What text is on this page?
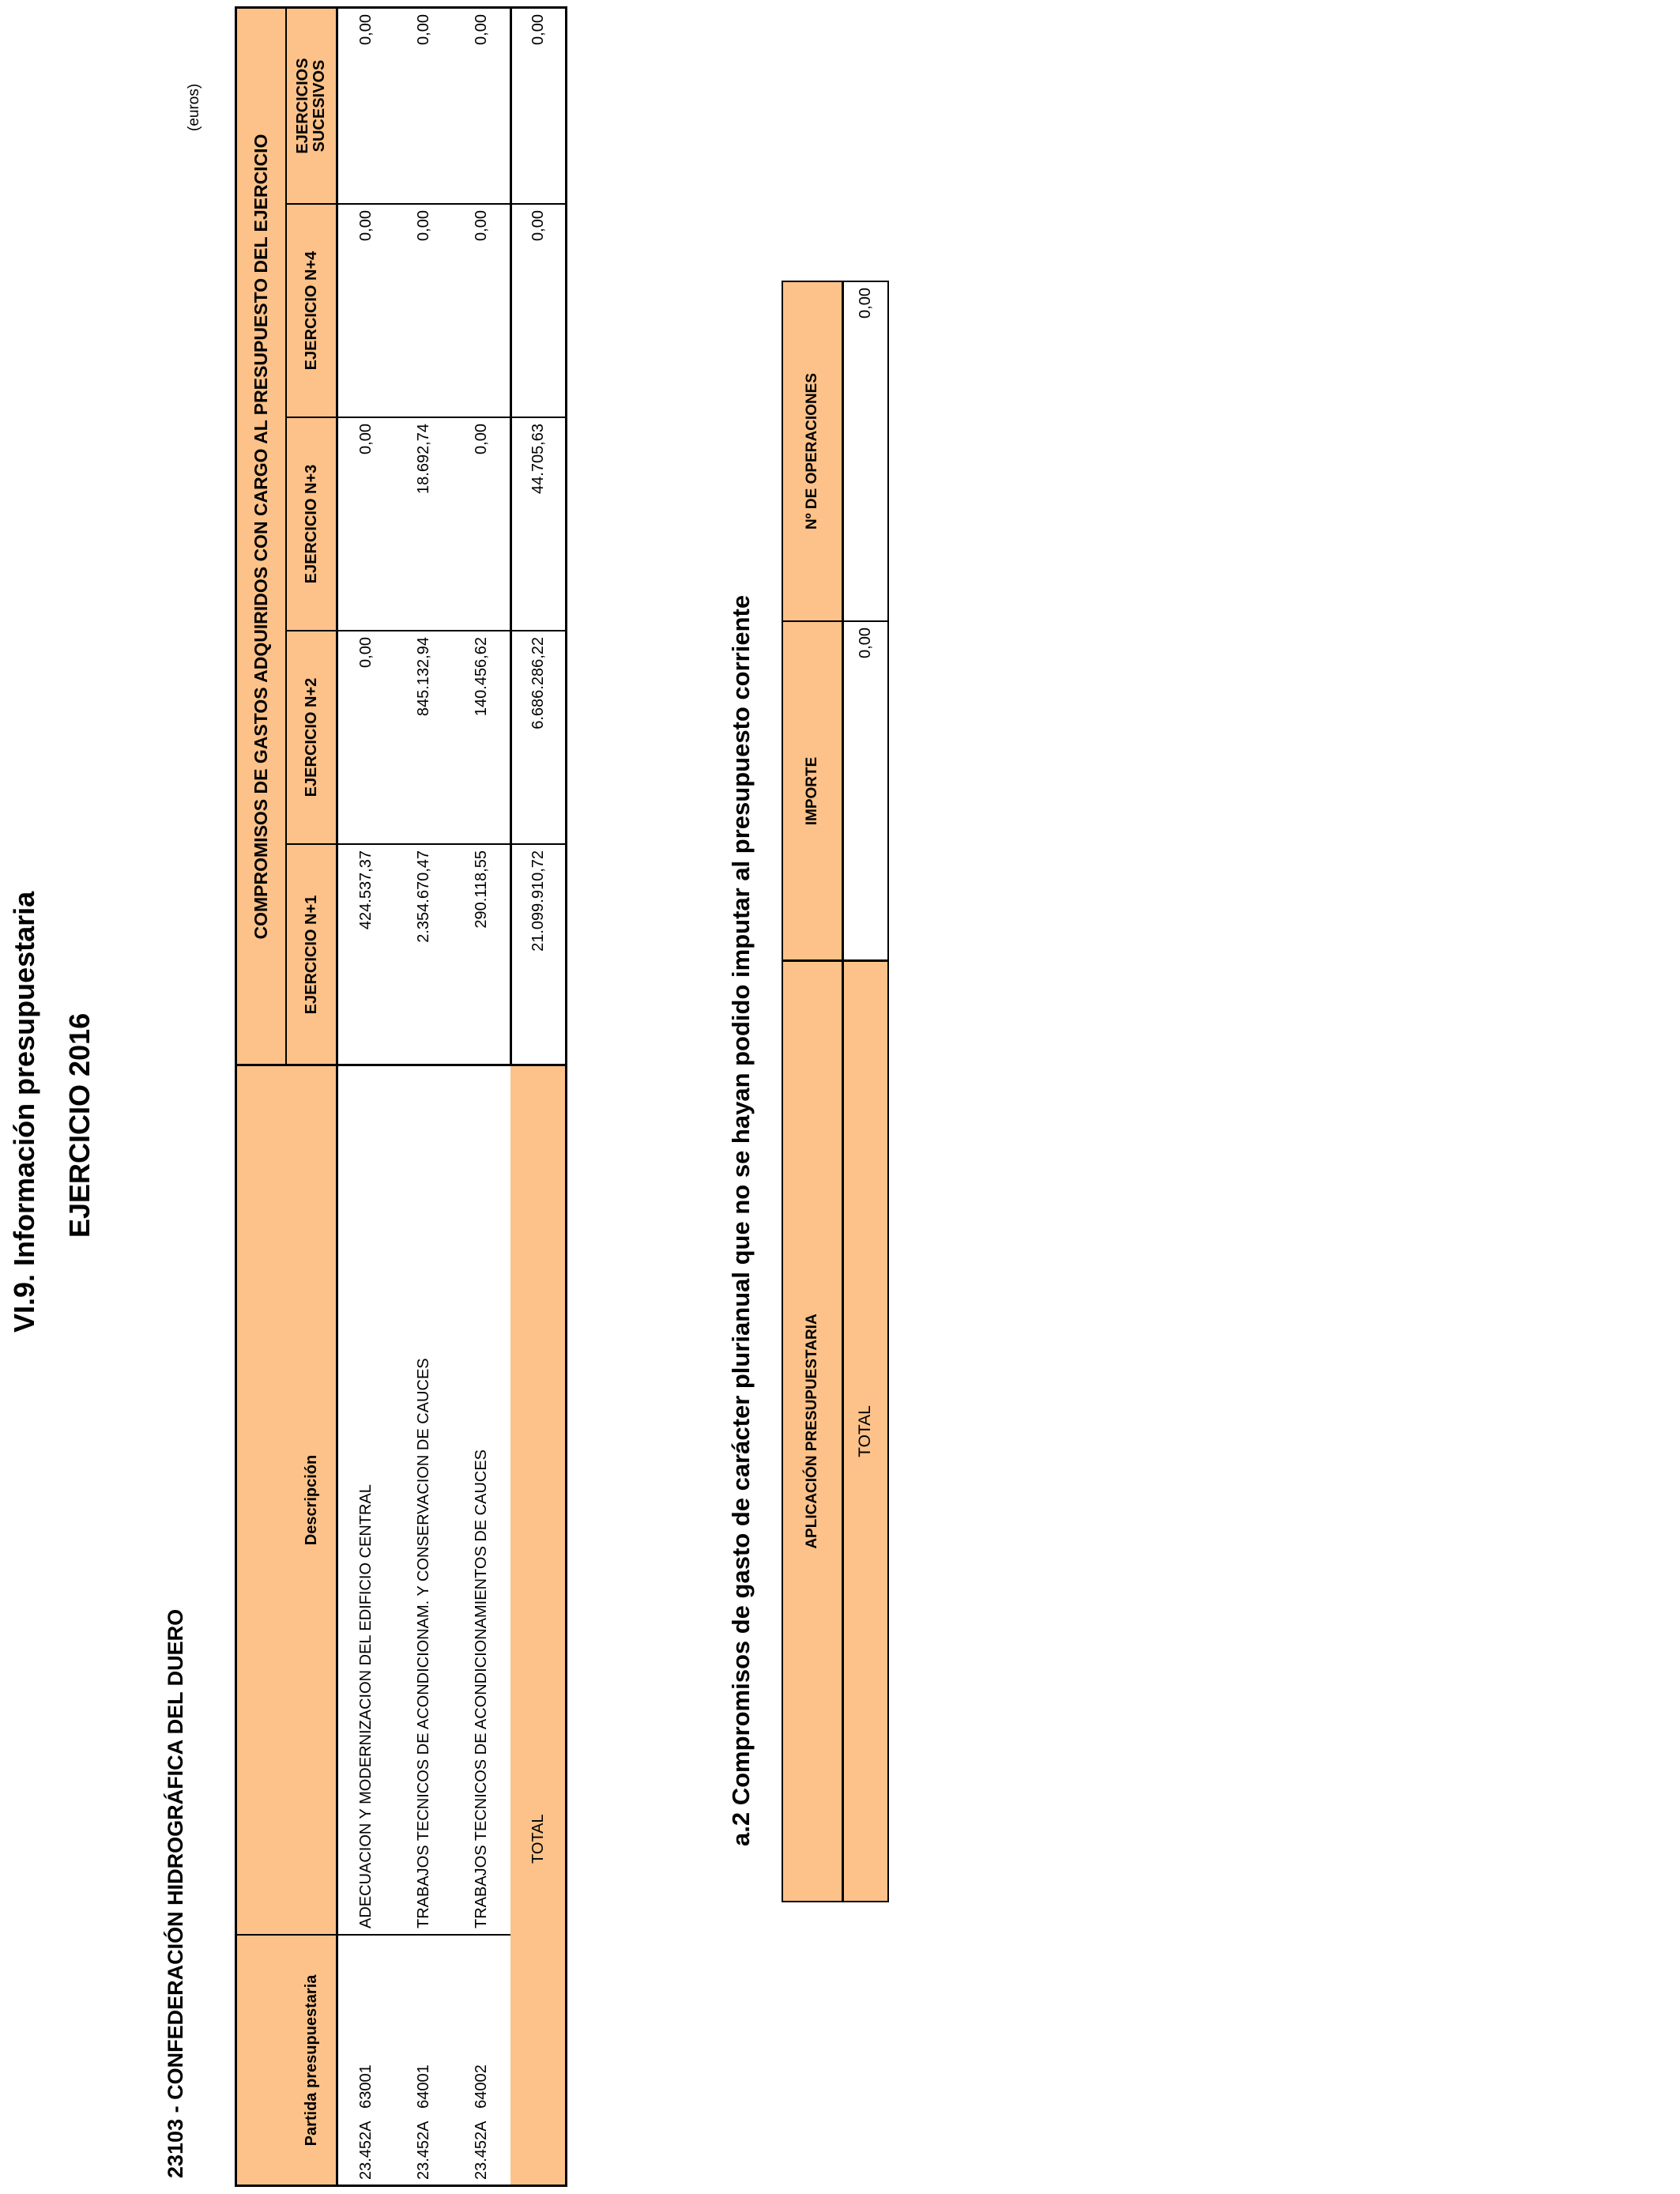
VI.9. Información presupuestaria EJERCICIO 2016
23103 - CONFEDERACIÓN HIDROGRÁFICA DEL DUERO
(euros)
Partida presupuestaria
Descripción
COMPROMISOS DE GASTOS ADQUIRIDOS CON CARGO AL PRESUPUESTO DEL EJERCICIO
EJERCICIO N+1
EJERCICIO N+2
EJERCICIO N+3
EJERCICIO N+4
EJERCICIOS SUCESIVOS
23.452A   63001
ADECUACION Y MODERNIZACION DEL EDIFICIO CENTRAL
424.537,37
0,00
0,00
0,00
0,00
23.452A   64001
TRABAJOS TECNICOS DE ACONDICIONAM. Y CONSERVACION DE CAUCES
2.354.670,47
845.132,94
18.692,74
0,00
0,00
23.452A   64002
TRABAJOS TECNICOS DE ACONDICIONAMIENTOS DE CAUCES
290.118,55
140.456,62
0,00
0,00
0,00
TOTAL
21.099.910,72
6.686.286,22
44.705,63
0,00
0,00
a.2 Compromisos de gasto de carácter plurianual que no se hayan podido imputar al presupuesto corriente	APLICACIÓN PRESUPUESTARIA
IMPORTE
Nº DE OPERACIONES
TOTAL
0,00
0,00
